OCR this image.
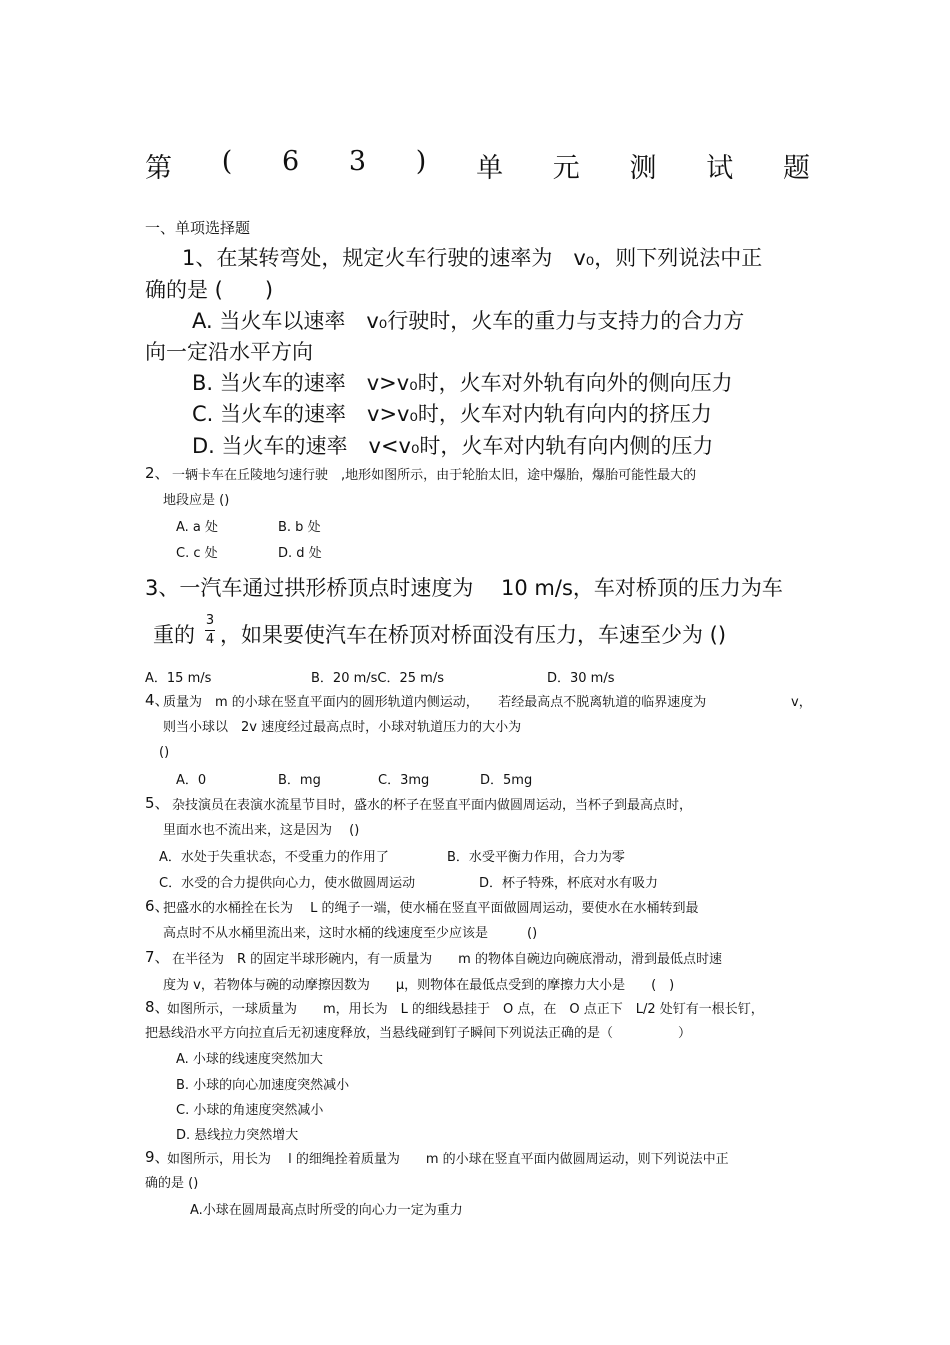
第 ( 6 3 ) 单 元 测 试 题
一、单项选择题
1、在某转弯处，规定火车行驶的速率为　v₀，则下列说法中正
确的是 (　　)
A. 当火车以速率　v₀行驶时，火车的重力与支持力的合力方
向一定沿水平方向
B. 当火车的速率　v>v₀时，火车对外轨有向外的侧向压力
C. 当火车的速率　v>v₀时，火车对内轨有向内的挤压力
D. 当火车的速率　v<v₀时，火车对内轨有向内侧的压力
2、 一辆卡车在丘陵地匀速行驶　,地形如图所示，由于轮胎太旧，途中爆胎，爆胎可能性最大的
地段应是 ()
A. a 处	B. b 处
C. c 处	D. d 处
3、一汽车通过拱形桥顶点时速度为　 10 m/s，车对桥顶的压力为车
重的
3
4 ，如果要使汽车在桥顶对桥面没有压力，车速至少为 ()
A．15 m/s	B．20 m/sC．25 m/s	D．30 m/s
4、
质量为　m 的小球在竖直平面内的圆形轨道内侧运动，　　若经最高点不脱离轨道的临界速度为	v，
则当小球以　2v 速度经过最高点时，小球对轨道压力的大小为
()
A．0	B．mg	C．3mg	D．5mg
5、 杂技演员在表演水流星节目时，盛水的杯子在竖直平面内做圆周运动，当杯子到最高点时，
里面水也不流出来，这是因为　 ()
A．水处于失重状态，不受重力的作用了	B．水受平衡力作用，合力为零
C．水受的合力提供向心力，使水做圆周运动	D．杯子特殊，杯底对水有吸力
6、
把盛水的水桶拴在长为　 L 的绳子一端，使水桶在竖直平面做圆周运动，要使水在水桶转到最
高点时不从水桶里流出来，这时水桶的线速度至少应该是　　　()
7、 在半径为　R 的固定半球形碗内，有一质量为　　m 的物体自碗边向碗底滑动，滑到最低点时速
度为 v，若物体与碗的动摩擦因数为　　μ，则物体在最低点受到的摩擦力大小是　　(　)
8、
如图所示，一球质量为　　m，用长为　L 的细线悬挂于　O 点，在　O 点正下　L/2 处钉有一根长钉，
把悬线沿水平方向拉直后无初速度释放，当悬线碰到钉子瞬间下列说法正确的是（　　　　　）
A. 小球的线速度突然加大
B. 小球的向心加速度突然减小
C. 小球的角速度突然减小
D. 悬线拉力突然增大
9、
如图所示，用长为　 l 的细绳拴着质量为　　m 的小球在竖直平面内做圆周运动，则下列说法中正
确的是 ()
A.小球在圆周最高点时所受的向心力一定为重力
